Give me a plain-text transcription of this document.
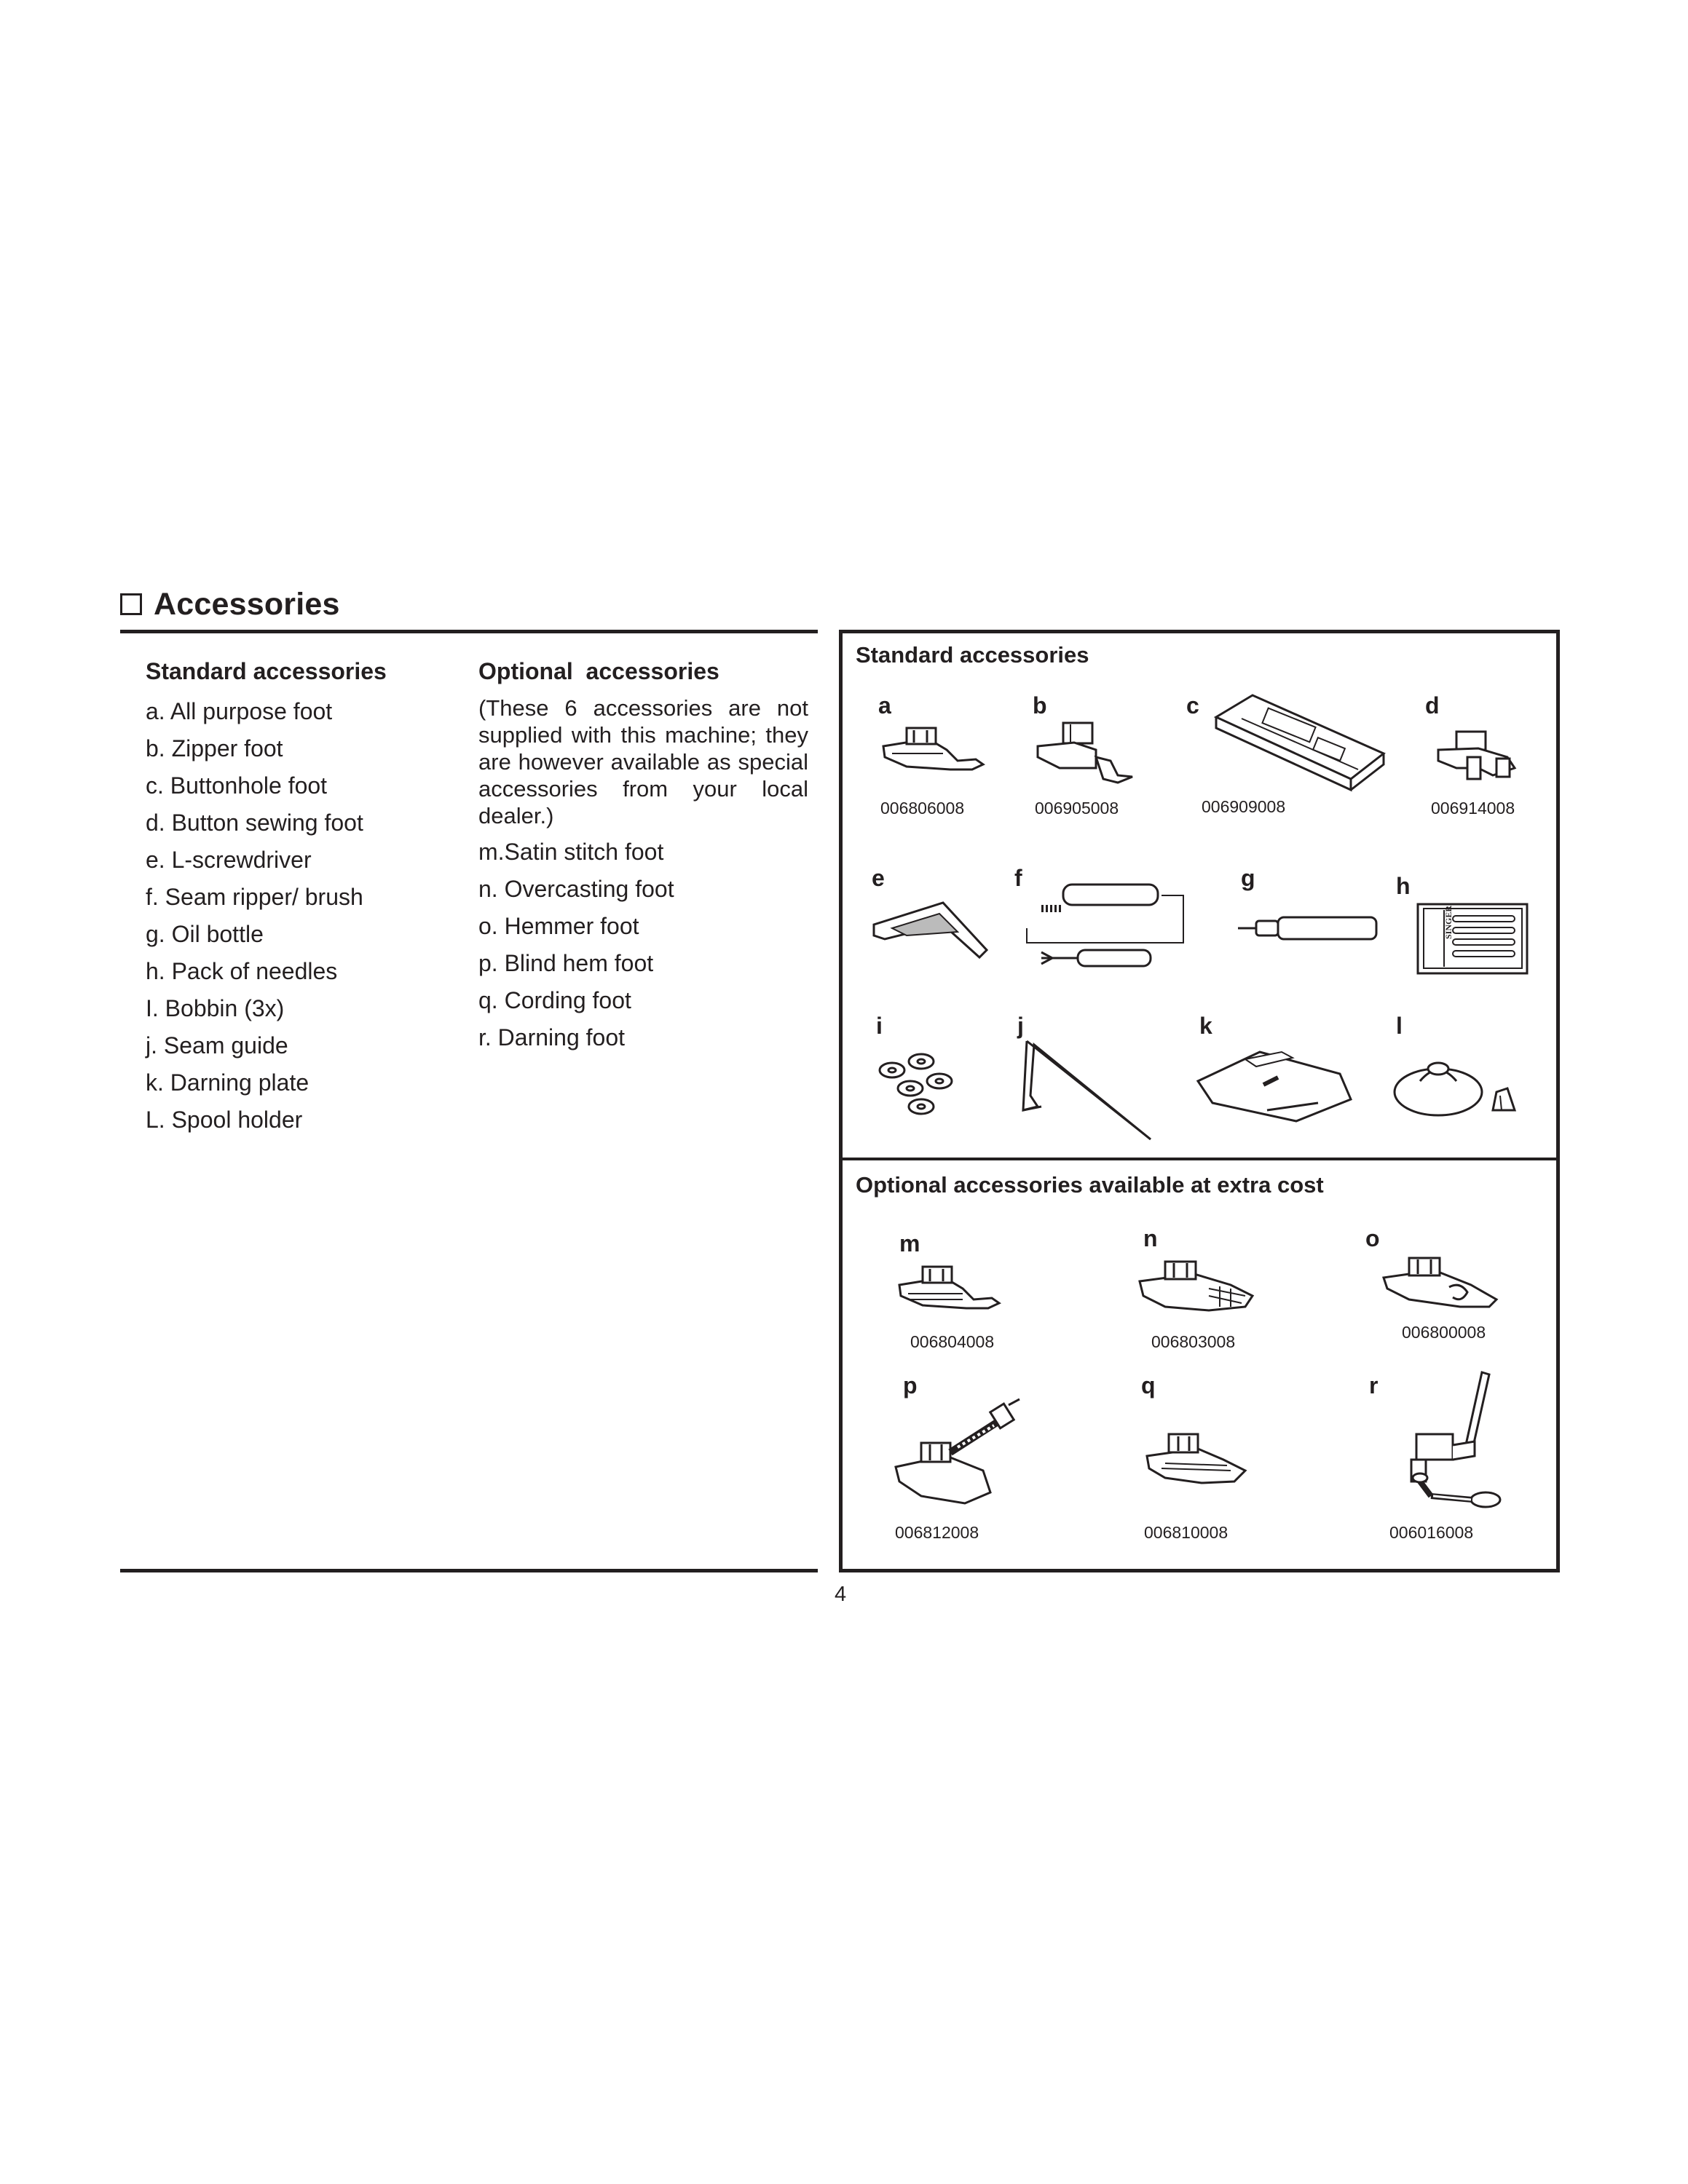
Accessories
Standard accessories
a. All purpose foot
b. Zipper foot
c. Buttonhole foot
d. Button sewing foot
e. L-screwdriver
f. Seam ripper/ brush
g. Oil bottle
h. Pack of needles
I. Bobbin (3x)
j. Seam guide
k. Darning plate
L. Spool holder
Optional  accessories
(These 6 accessories are not supplied with this machine; they are however available as special accessories from your local dealer.)
m.Satin stitch foot
n. Overcasting foot
o. Hemmer foot
p. Blind hem foot
q. Cording foot
r. Darning foot
Standard accessories
Optional accessories available at extra cost
a
006806008
b
006905008
c
006909008
d
006914008
e	f	g	h
SINGER
i	j	k	l
m
006804008
n
006803008
o
006800008
p
006812008
q
006810008
r
006016008
4
